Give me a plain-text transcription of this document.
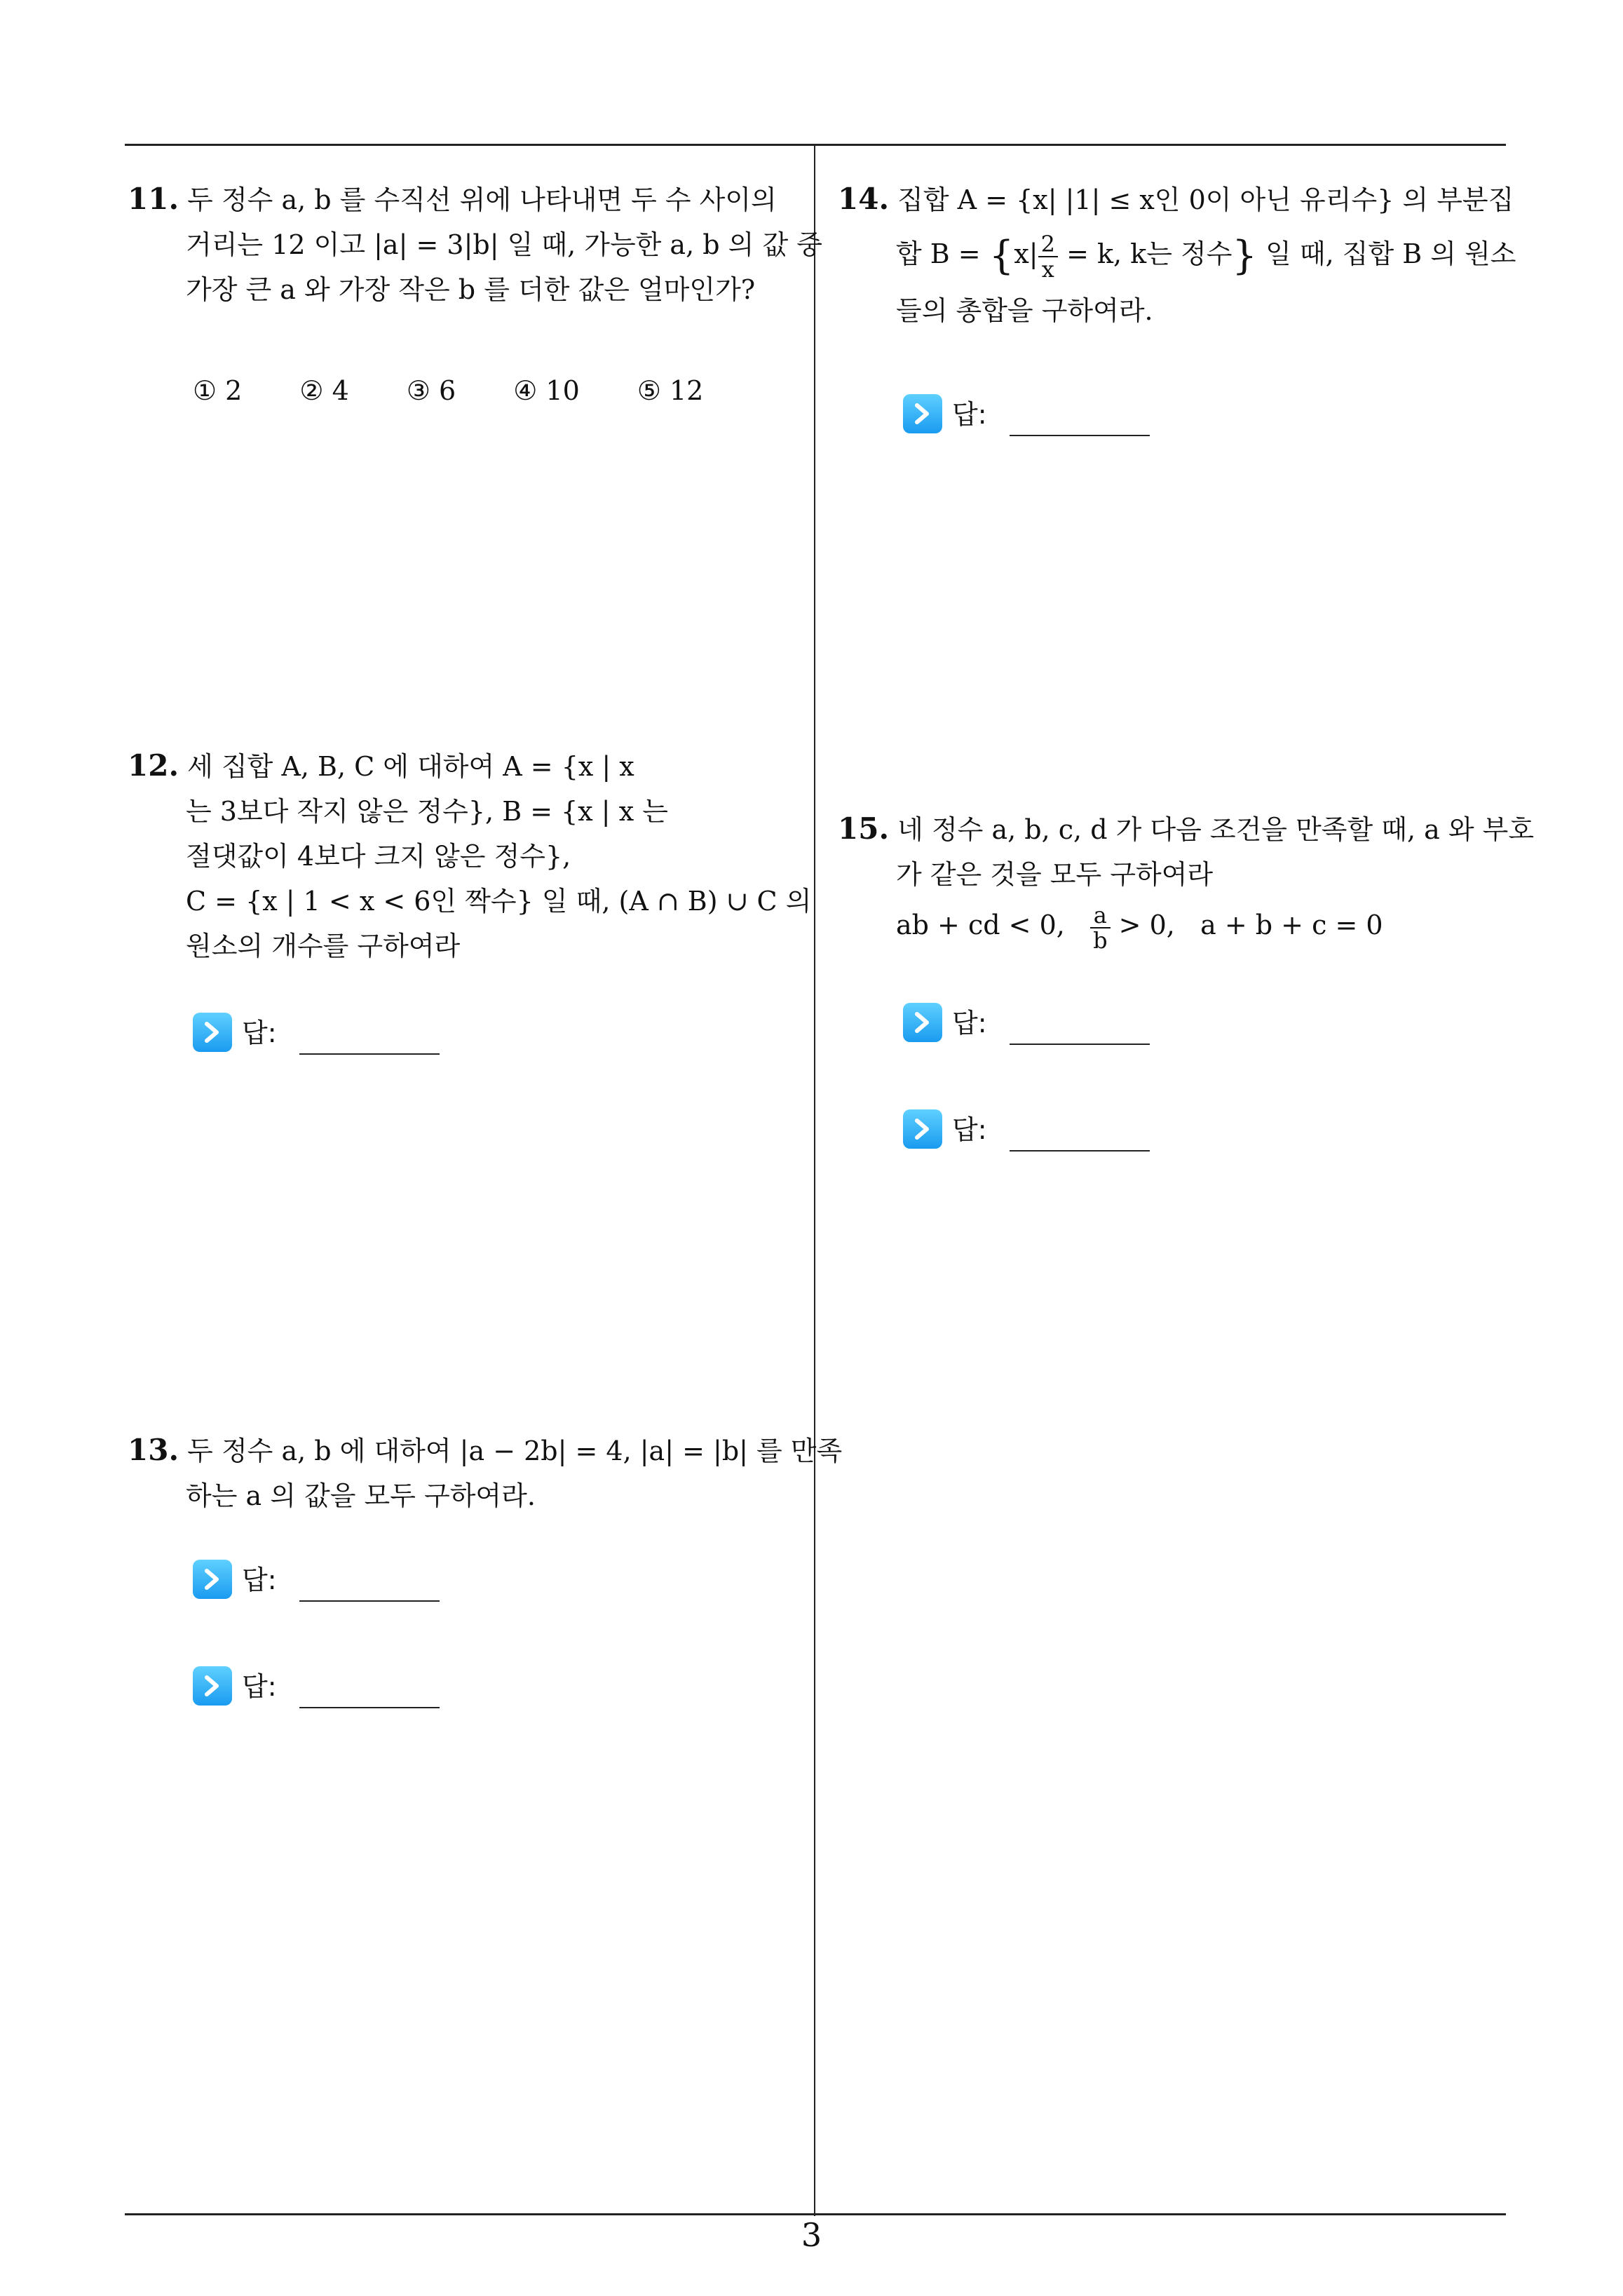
11. 두 정수 a, b 를 수직선 위에 나타내면 두 수 사이의
거리는 12 이고 |a| = 3|b| 일 때, 가능한 a, b 의 값 중
가장 큰 a 와 가장 작은 b 를 더한 값은 얼마인가?
① 2 ② 4 ③ 6 ④ 10 ⑤ 12
12. 세 집합 A, B, C 에 대하여 A = {x | x
는 3보다 작지 않은 정수}, B = {x | x 는
절댓값이 4보다 크지 않은 정수},
C = {x | 1 < x < 6인 짝수} 일 때, (A ∩ B) ∪ C 의
원소의 개수를 구하여라
답:
13. 두 정수 a, b 에 대하여 |a − 2b| = 4, |a| = |b| 를 만족
하는 a 의 값을 모두 구하여라.
답:
답:
14. 집합 A = {x| |1| ≤ x인 0이 아닌 유리수} 의 부분집
합 $B = \{x| \frac{2}{x} = k$, k는 정수} 일 때, 집합 B 의 원소
들의 총합을 구하여라.
답:
15. 네 정수 a, b, c, d 가 다음 조건을 만족할 때, a 와 부호
가 같은 것을 모두 구하여라
ab + cd < 0, $\frac{a}{b} > 0$, a + b + c = 0
답:
답:
3
